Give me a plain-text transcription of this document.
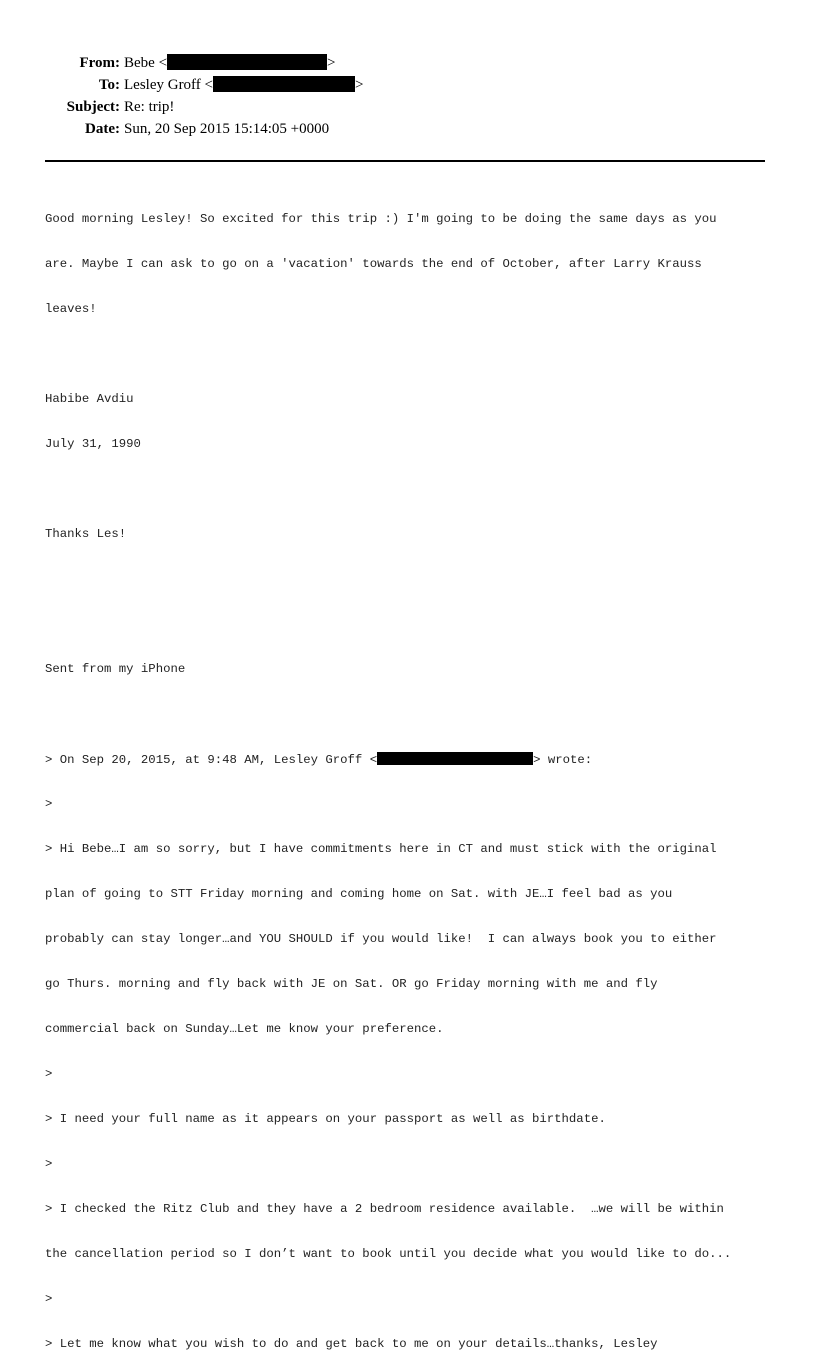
From: Bebe <	>
To: Lesley Groff <	>
Subject: Re: trip!
Date: Sun, 20 Sep 2015 15:14:05 +0000

Good morning Lesley! So excited for this trip :) I'm going to be doing the same days as you

are. Maybe I can ask to go on a 'vacation' towards the end of October, after Larry Krauss

leaves!

Habibe Avdiu

July 31, 1990

Thanks Les!

Sent from my iPhone

> On Sep 20, 2015, at 9:48 AM, Lesley Groff <	> wrote:

>

> Hi Bebe…I am so sorry, but I have commitments here in CT and must stick with the original

plan of going to STT Friday morning and coming home on Sat. with JE…I feel bad as you

probably can stay longer…and YOU SHOULD if you would like!  I can always book you to either

go Thurs. morning and fly back with JE on Sat. OR go Friday morning with me and fly

commercial back on Sunday…Let me know your preference.

>

> I need your full name as it appears on your passport as well as birthdate.

>

> I checked the Ritz Club and they have a 2 bedroom residence available.  …we will be within

the cancellation period so I don’t want to book until you decide what you would like to do...

>

> Let me know what you wish to do and get back to me on your details…thanks, Lesley
